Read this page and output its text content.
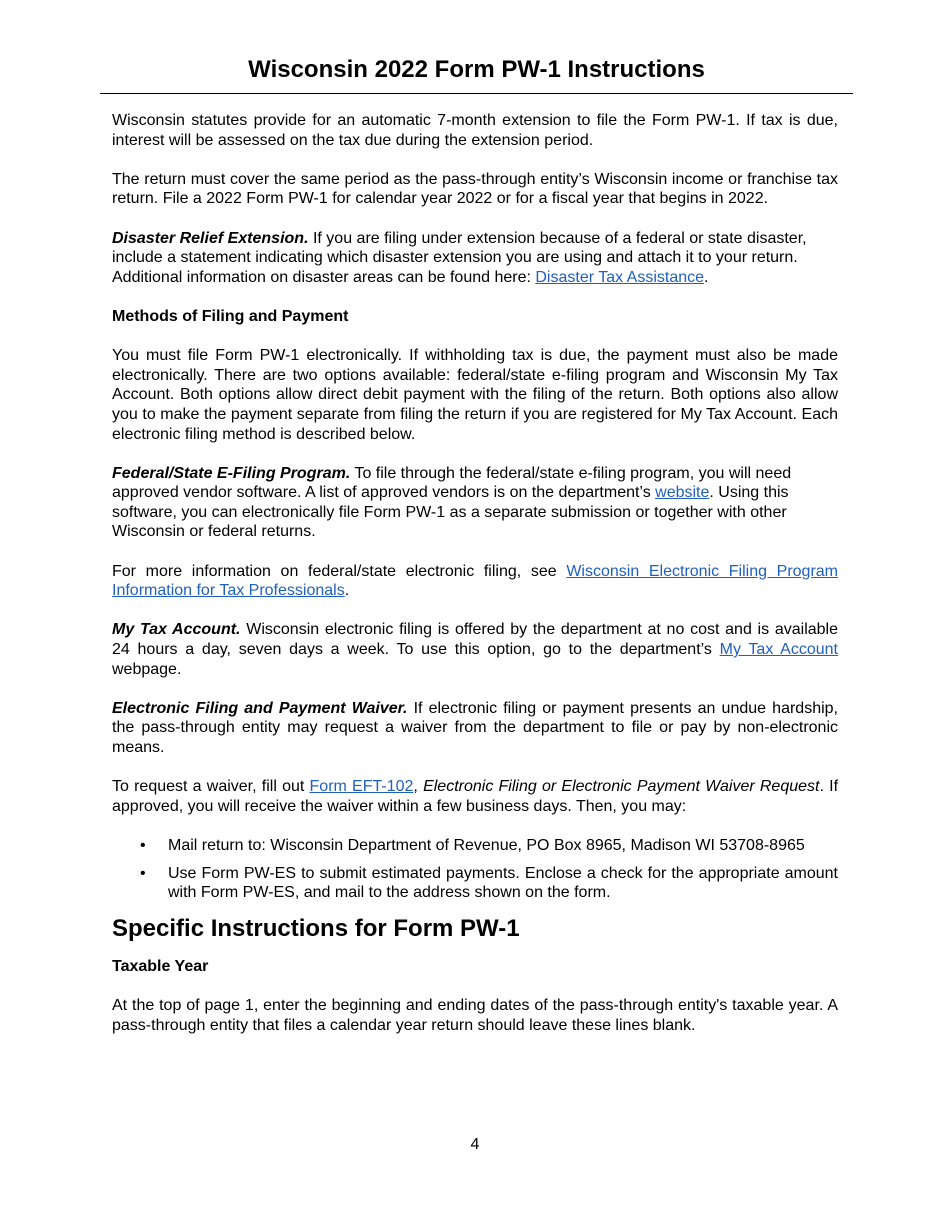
Wisconsin 2022 Form PW-1 Instructions

Wisconsin statutes provide for an automatic 7-month extension to file the Form PW-1. If tax is due, interest will be assessed on the tax due during the extension period.

The return must cover the same period as the pass-through entity’s Wisconsin income or franchise tax return. File a 2022 Form PW-1 for calendar year 2022 or for a fiscal year that begins in 2022.

Disaster Relief Extension. If you are filing under extension because of a federal or state disaster, include a statement indicating which disaster extension you are using and attach it to your return. Additional information on disaster areas can be found here: Disaster Tax Assistance.

Methods of Filing and Payment

You must file Form PW-1 electronically. If withholding tax is due, the payment must also be made electronically. There are two options available: federal/state e-filing program and Wisconsin My Tax Account. Both options allow direct debit payment with the filing of the return. Both options also allow you to make the payment separate from filing the return if you are registered for My Tax Account. Each electronic filing method is described below.

Federal/State E-Filing Program. To file through the federal/state e-filing program, you will need approved vendor software. A list of approved vendors is on the department’s website. Using this software, you can electronically file Form PW-1 as a separate submission or together with other Wisconsin or federal returns.

For more information on federal/state electronic filing, see Wisconsin Electronic Filing Program Information for Tax Professionals.

My Tax Account. Wisconsin electronic filing is offered by the department at no cost and is available 24 hours a day, seven days a week. To use this option, go to the department’s My Tax Account webpage.

Electronic Filing and Payment Waiver. If electronic filing or payment presents an undue hardship, the pass-through entity may request a waiver from the department to file or pay by non-electronic means.

To request a waiver, fill out Form EFT-102, Electronic Filing or Electronic Payment Waiver Request. If approved, you will receive the waiver within a few business days. Then, you may:

• Mail return to: Wisconsin Department of Revenue, PO Box 8965, Madison WI 53708-8965
• Use Form PW-ES to submit estimated payments. Enclose a check for the appropriate amount with Form PW-ES, and mail to the address shown on the form.
Specific Instructions for Form PW-1

Taxable Year

At the top of page 1, enter the beginning and ending dates of the pass-through entity's taxable year. A pass-through entity that files a calendar year return should leave these lines blank.

4
